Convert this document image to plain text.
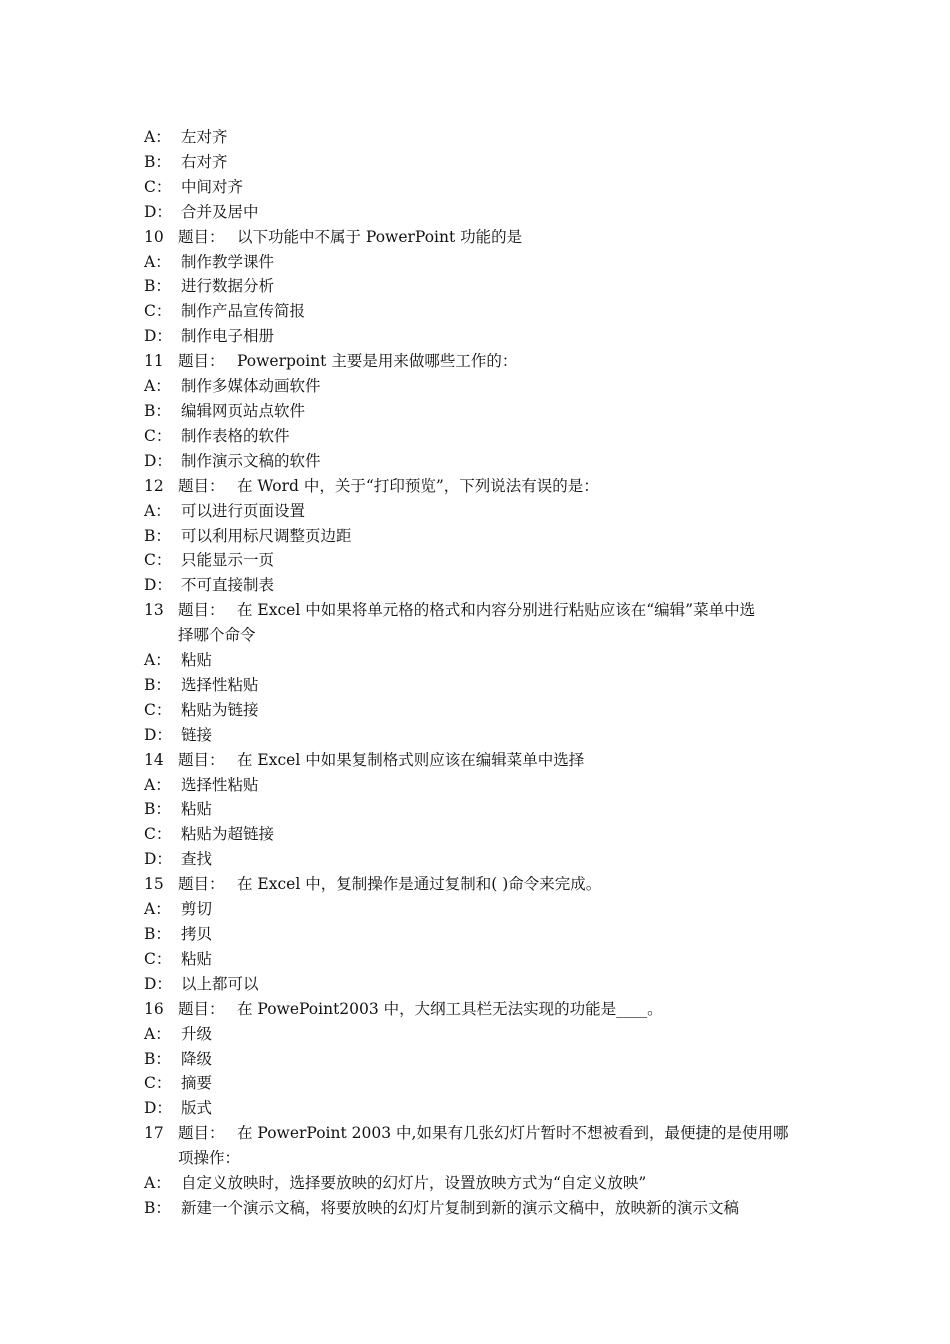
A： 左对齐
B： 右对齐
C： 中间对齐
D： 合并及居中
10 题目： 以下功能中不属于 PowerPoint 功能的是
A： 制作教学课件
B： 进行数据分析
C： 制作产品宣传简报
D： 制作电子相册
11 题目： Powerpoint 主要是用来做哪些工作的：
A： 制作多媒体动画软件
B： 编辑网页站点软件
C： 制作表格的软件
D： 制作演示文稿的软件
12 题目： 在 Word 中，关于“打印预览”，下列说法有误的是：
A： 可以进行页面设置
B： 可以利用标尺调整页边距
C： 只能显示一页
D： 不可直接制表
13 题目： 在 Excel 中如果将单元格的格式和内容分别进行粘贴应该在“编辑”菜单中选
择哪个命令
A： 粘贴
B： 选择性粘贴
C： 粘贴为链接
D： 链接
14 题目： 在 Excel 中如果复制格式则应该在编辑菜单中选择
A： 选择性粘贴
B： 粘贴
C： 粘贴为超链接
D： 查找
15 题目： 在 Excel 中，复制操作是通过复制和( )命令来完成。
A： 剪切
B： 拷贝
C： 粘贴
D： 以上都可以
16 题目： 在 PowePoint2003 中，大纲工具栏无法实现的功能是____。
A： 升级
B： 降级
C： 摘要
D： 版式
17 题目： 在 PowerPoint 2003 中,如果有几张幻灯片暂时不想被看到，最便捷的是使用哪
项操作：
A： 自定义放映时，选择要放映的幻灯片，设置放映方式为“自定义放映”
B： 新建一个演示文稿，将要放映的幻灯片复制到新的演示文稿中，放映新的演示文稿
